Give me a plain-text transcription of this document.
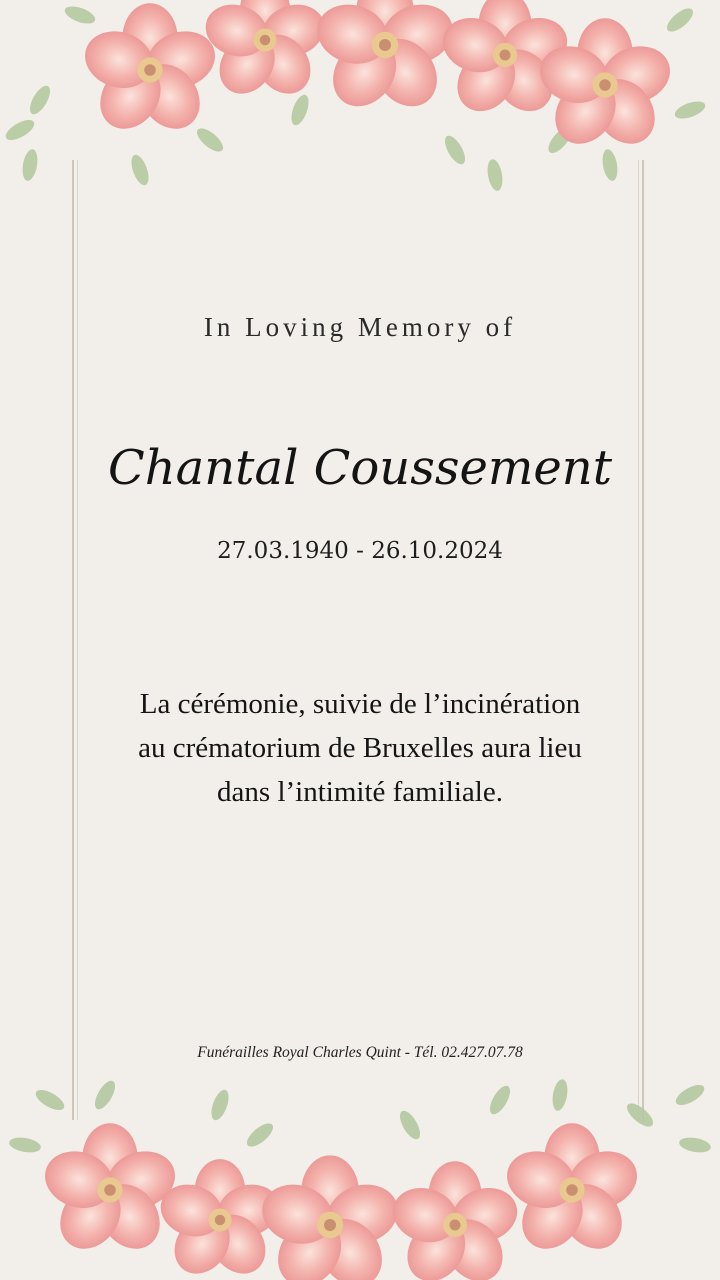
In Loving Memory of
Chantal Coussement
27.03.1940 - 26.10.2024
La cérémonie, suivie de l’incinération
au crématorium de Bruxelles aura lieu
dans l’intimité familiale.
Funérailles Royal Charles Quint - Tél. 02.427.07.78
